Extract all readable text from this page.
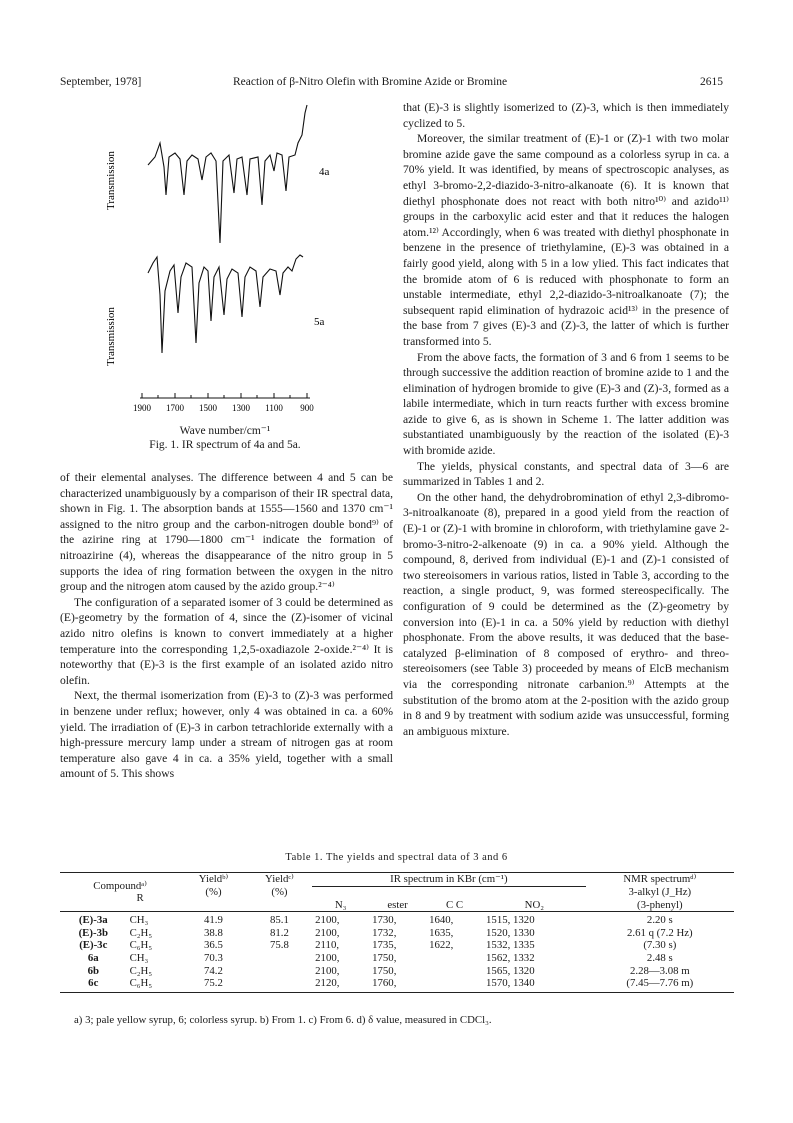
September, 1978]	Reaction of β-Nitro Olefin with Bromine Azide or Bromine	2615
Transmission
Transmission
4a
5a
1900 1700 1500 1300 1100 900
Wave number/cm⁻¹
Fig. 1. IR spectrum of 4a and 5a.

of their elemental analyses. The difference between 4 and 5 can be characterized unambiguously by a comparison of their IR spectral data, shown in Fig. 1. The absorption bands at 1555—1560 and 1370 cm⁻¹ assigned to the nitro group and the carbon-nitrogen double bond⁹⁾ of the azirine ring at 1790—1800 cm⁻¹ indicate the formation of nitroazirine (4), whereas the disappearance of the nitro group in 5 supports the idea of ring formation between the oxygen in the nitro group and the nitrogen atom caused by the azido group.²⁻⁴⁾

The configuration of a separated isomer of 3 could be determined as (E)-geometry by the formation of 4, since the (Z)-isomer of vicinal azido nitro olefins is known to convert immediately at a higher temperature into the corresponding 1,2,5-oxadiazole 2-oxide.²⁻⁴⁾ It is noteworthy that (E)-3 is the first example of an isolated azido nitro olefin.

Next, the thermal isomerization from (E)-3 to (Z)-3 was performed in benzene under reflux; however, only 4 was obtained in ca. a 60% yield. The irradiation of (E)-3 in carbon tetrachloride externally with a high-pressure mercury lamp under a stream of nitrogen gas at room temperature also gave 4 in ca. a 35% yield, together with a small amount of 5. This shows

that (E)-3 is slightly isomerized to (Z)-3, which is then immediately cyclized to 5.

Moreover, the similar treatment of (E)-1 or (Z)-1 with two molar bromine azide gave the same compound as a colorless syrup in ca. a 70% yield. It was identified, by means of spectroscopic analyses, as ethyl 3-bromo-2,2-diazido-3-nitro-alkanoate (6). It is known that diethyl phosphonate does not react with both nitro¹⁰⁾ and azido¹¹⁾ groups in the carboxylic acid ester and that it reduces the halogen atom.¹²⁾ Accordingly, when 6 was treated with diethyl phosphonate in benzene in the presence of triethylamine, (E)-3 was obtained in a fairly good yield, along with 5 in a low ylied. This fact indicates that the bromide atom of 6 is reduced with phosphonate to form an unstable intermediate, ethyl 2,2-diazido-3-nitroalkanoate (7); the subsequent rapid elimination of hydrazoic acid¹³⁾ in the presence of the base from 7 gives (E)-3 and (Z)-3, the latter of which is further transformed into 5.

From the above facts, the formation of 3 and 6 from 1 seems to be through successive the addition reaction of bromine azide to 1 and the elimination of hydrogen bromide to give (E)-3 and (Z)-3, formed as a labile intermediate, which in turn reacts further with excess bromine azide to give 6, as is shown in Scheme 1. The latter addition was substantiated unambiguously by the reaction of the isolated (E)-3 with bromide azide.

The yields, physical constants, and spectral data of 3—6 are summarized in Tables 1 and 2.

On the other hand, the dehydrobromination of ethyl 2,3-dibromo-3-nitroalkanoate (8), prepared in a good yield from the reaction of (E)-1 or (Z)-1 with bromine in chloroform, with triethylamine gave 2-bromo-3-nitro-2-alkenoate (9) in ca. a 90% yield. Although the compound, 8, derived from individual (E)-1 and (Z)-1 consisted of two stereoisomers in various ratios, listed in Table 3, according to the reaction, a single product, 9, was formed stereospecifically. The configuration of 9 could be determined as the (Z)-geometry by conversion into (E)-1 in ca. a 50% yield by reduction with diethyl phosphonate. From the above results, it was deduced that the base-catalyzed β-elimination of 8 composed of erythro- and threo-stereoisomers (see Table 3) proceeded by means of ElcB mechanism via the corresponding nitronate carbanion.⁹⁾ Attempts at the substitution of the bromo atom at the 2-position with the azido group in 8 and 9 by treatment with sodium azide was unsuccessful, forming an ambiguous mixture.

Table 1. The yields and spectral data of 3 and 6
Compoundᵃ⁾
R		Yieldᵇ⁾	Yieldᶜ⁾	IR spectrum in KBr (cm⁻¹)				NMR spectrumᵈ⁾
		(%)	(%)					3-alkyl (J_Hz)
				N₃	ester	C C	NO₂	(3-phenyl)
(E)-3a	CH₃	41.9	85.1	2100,	1730,	1640,	1515, 1320	2.20 s
(E)-3b	C₂H₅	38.8	81.2	2100,	1732,	1635,	1520, 1330	2.61 q (7.2 Hz)
(E)-3c	C₆H₅	36.5	75.8	2110,	1735,	1622,	1532, 1335	(7.30 s)
6a	CH₃	70.3		2100,	1750,		1562, 1332	2.48 s
6b	C₂H₅	74.2		2100,	1750,		1565, 1320	2.28—3.08 m
6c	C₆H₅	75.2		2120,	1760,		1570, 1340	(7.45—7.76 m)
a) 3; pale yellow syrup, 6; colorless syrup. b) From 1. c) From 6. d) δ value, measured in CDCl₃.
